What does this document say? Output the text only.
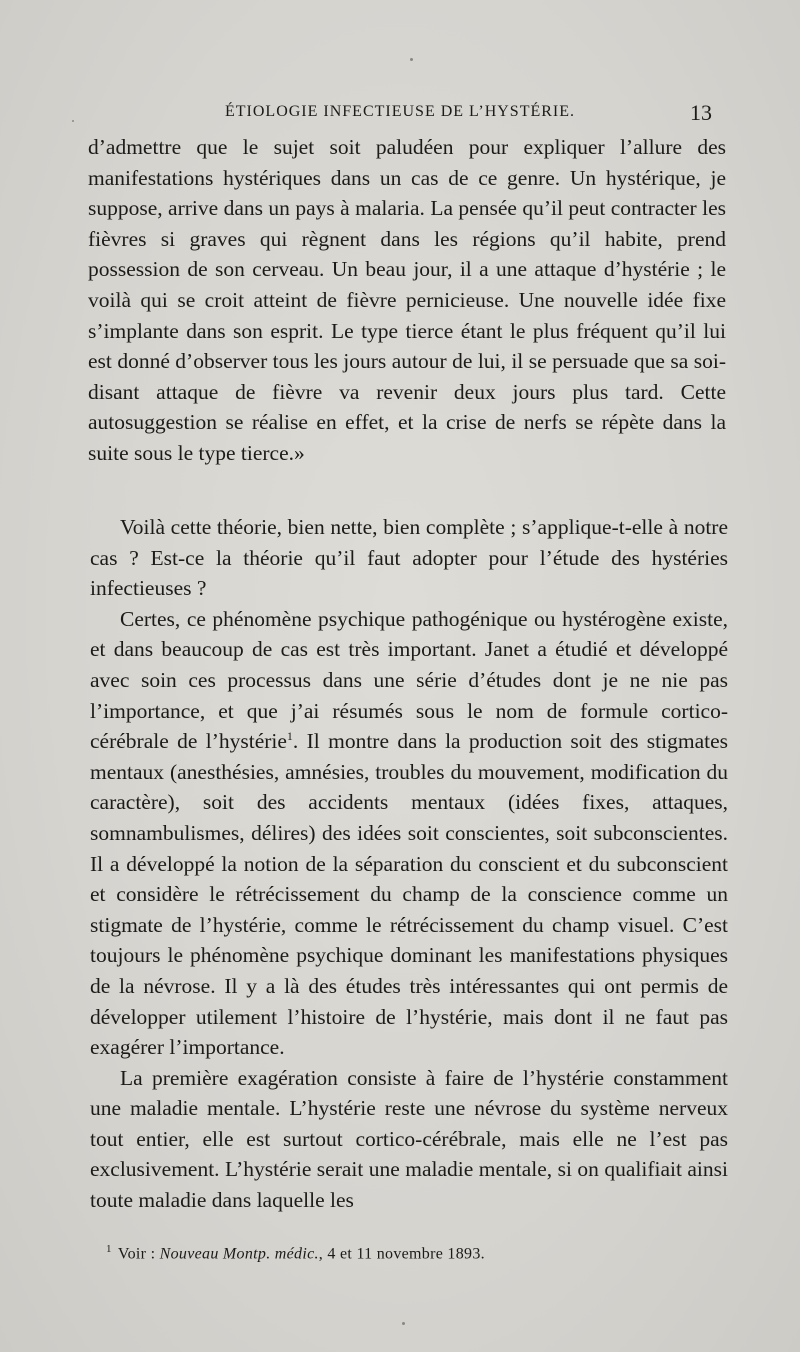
ÉTIOLOGIE INFECTIEUSE DE L’HYSTÉRIE.	13

d’admettre que le sujet soit paludéen pour expliquer l’allure des manifestations hystériques dans un cas de ce genre. Un hystérique, je suppose, arrive dans un pays à malaria. La pensée qu’il peut contracter les fièvres si graves qui règnent dans les régions qu’il habite, prend possession de son cerveau. Un beau jour, il a une attaque d’hystérie ; le voilà qui se croit atteint de fièvre pernicieuse. Une nouvelle idée fixe s’implante dans son esprit. Le type tierce étant le plus fréquent qu’il lui est donné d’observer tous les jours autour de lui, il se persuade que sa soi-disant attaque de fièvre va revenir deux jours plus tard. Cette autosuggestion se réalise en effet, et la crise de nerfs se répète dans la suite sous le type tierce.»

Voilà cette théorie, bien nette, bien complète ; s’applique-t-elle à notre cas ? Est-ce la théorie qu’il faut adopter pour l’étude des hystéries infectieuses ?

Certes, ce phénomène psychique pathogénique ou hystérogène existe, et dans beaucoup de cas est très important. Janet a étudié et développé avec soin ces processus dans une série d’études dont je ne nie pas l’importance, et que j’ai résumés sous le nom de formule cortico-cérébrale de l’hystérie$^1$. Il montre dans la production soit des stigmates mentaux (anesthésies, amnésies, troubles du mouvement, modification du caractère), soit des accidents mentaux (idées fixes, attaques, somnambulismes, délires) des idées soit conscientes, soit subconscientes. Il a développé la notion de la séparation du conscient et du subconscient et considère le rétrécissement du champ de la conscience comme un stigmate de l’hystérie, comme le rétrécissement du champ visuel. C’est toujours le phénomène psychique dominant les manifestations physiques de la névrose. Il y a là des études très intéressantes qui ont permis de développer utilement l’histoire de l’hystérie, mais dont il ne faut pas exagérer l’importance.

La première exagération consiste à faire de l’hystérie constamment une maladie mentale. L’hystérie reste une névrose du système nerveux tout entier, elle est surtout cortico-cérébrale, mais elle ne l’est pas exclusivement. L’hystérie serait une maladie mentale, si on qualifiait ainsi toute maladie dans laquelle les

$^1$ Voir : Nouveau Montp. médic., 4 et 11 novembre 1893.
